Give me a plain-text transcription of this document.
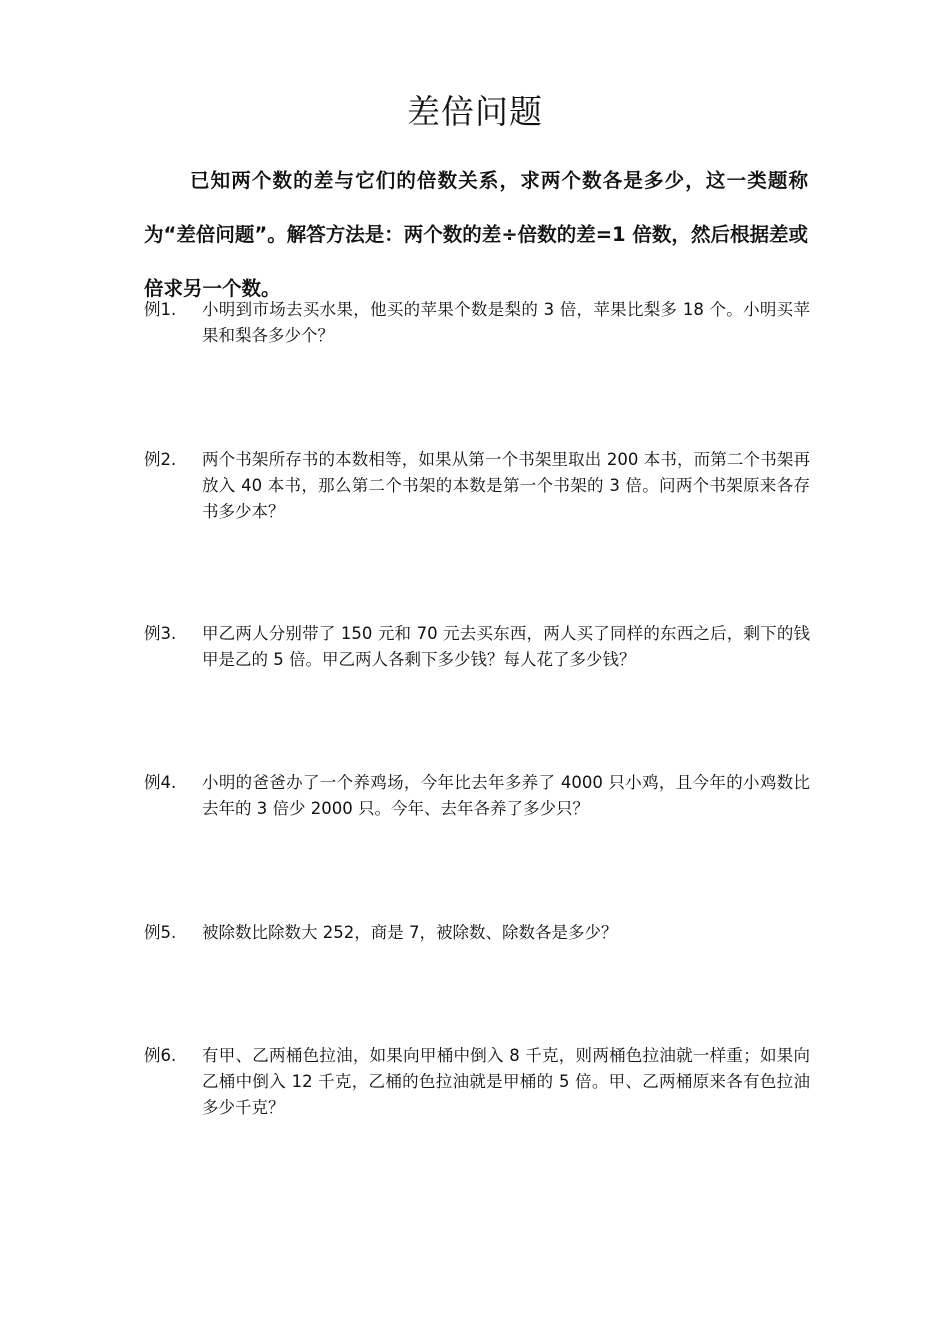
差倍问题
已知两个数的差与它们的倍数关系，求两个数各是多少，这一类题称为“差倍问题”。解答方法是：两个数的差÷倍数的差=1 倍数，然后根据差或倍求另一个数。
例1.	小明到市场去买水果，他买的苹果个数是梨的 3 倍，苹果比梨多 18 个。小明买苹果和梨各多少个？
例2.	两个书架所存书的本数相等，如果从第一个书架里取出 200 本书，而第二个书架再放入 40 本书，那么第二个书架的本数是第一个书架的 3 倍。问两个书架原来各存书多少本？
例3.	甲乙两人分别带了 150 元和 70 元去买东西，两人买了同样的东西之后，剩下的钱甲是乙的 5 倍。甲乙两人各剩下多少钱？每人花了多少钱？
例4.	小明的爸爸办了一个养鸡场，今年比去年多养了 4000 只小鸡，且今年的小鸡数比去年的 3 倍少 2000 只。今年、去年各养了多少只？
例5.	被除数比除数大 252，商是 7，被除数、除数各是多少？
例6.	有甲、乙两桶色拉油，如果向甲桶中倒入 8 千克，则两桶色拉油就一样重；如果向乙桶中倒入 12 千克，乙桶的色拉油就是甲桶的 5 倍。甲、乙两桶原来各有色拉油多少千克？
